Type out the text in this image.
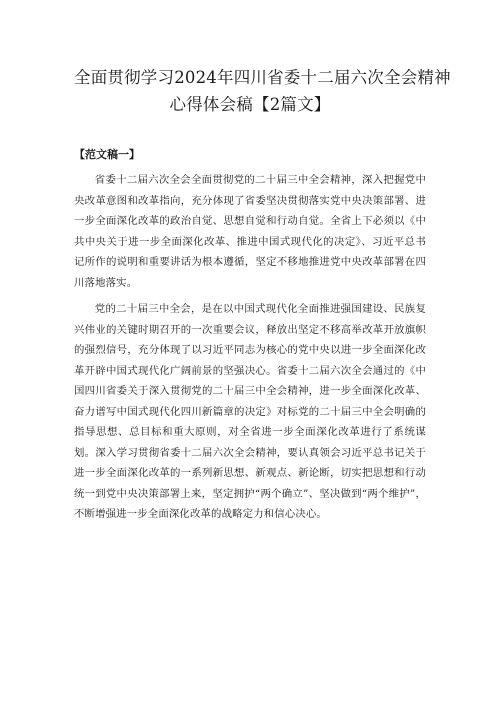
全面贯彻学习2024年四川省委十二届六次全会精神
心得体会稿【2篇文】
【范文稿一】

省委十二届六次全会全面贯彻党的二十届三中全会精神，深入把握党中央改革意图和改革指向，充分体现了省委坚决贯彻落实党中央决策部署、进一步全面深化改革的政治自觉、思想自觉和行动自觉。全省上下必须以《中共中央关于进一步全面深化改革、推进中国式现代化的决定》、习近平总书记所作的说明和重要讲话为根本遵循，坚定不移地推进党中央改革部署在四川落地落实。

党的二十届三中全会，是在以中国式现代化全面推进强国建设、民族复兴伟业的关键时期召开的一次重要会议，释放出坚定不移高举改革开放旗帜的强烈信号，充分体现了以习近平同志为核心的党中央以进一步全面深化改革开辟中国式现代化广阔前景的坚强决心。省委十二届六次全会通过的《中国四川省委关于深入贯彻党的二十届三中全会精神，进一步全面深化改革、奋力谱写中国式现代化四川新篇章的决定》对标党的二十届三中全会明确的指导思想、总目标和重大原则，对全省进一步全面深化改革进行了系统谋划。深入学习贯彻省委十二届六次全会精神，要认真领会习近平总书记关于进一步全面深化改革的一系列新思想、新观点、新论断，切实把思想和行动统一到党中央决策部署上来，坚定拥护“两个确立”、坚决做到“两个维护”，不断增强进一步全面深化改革的战略定力和信心决心。
